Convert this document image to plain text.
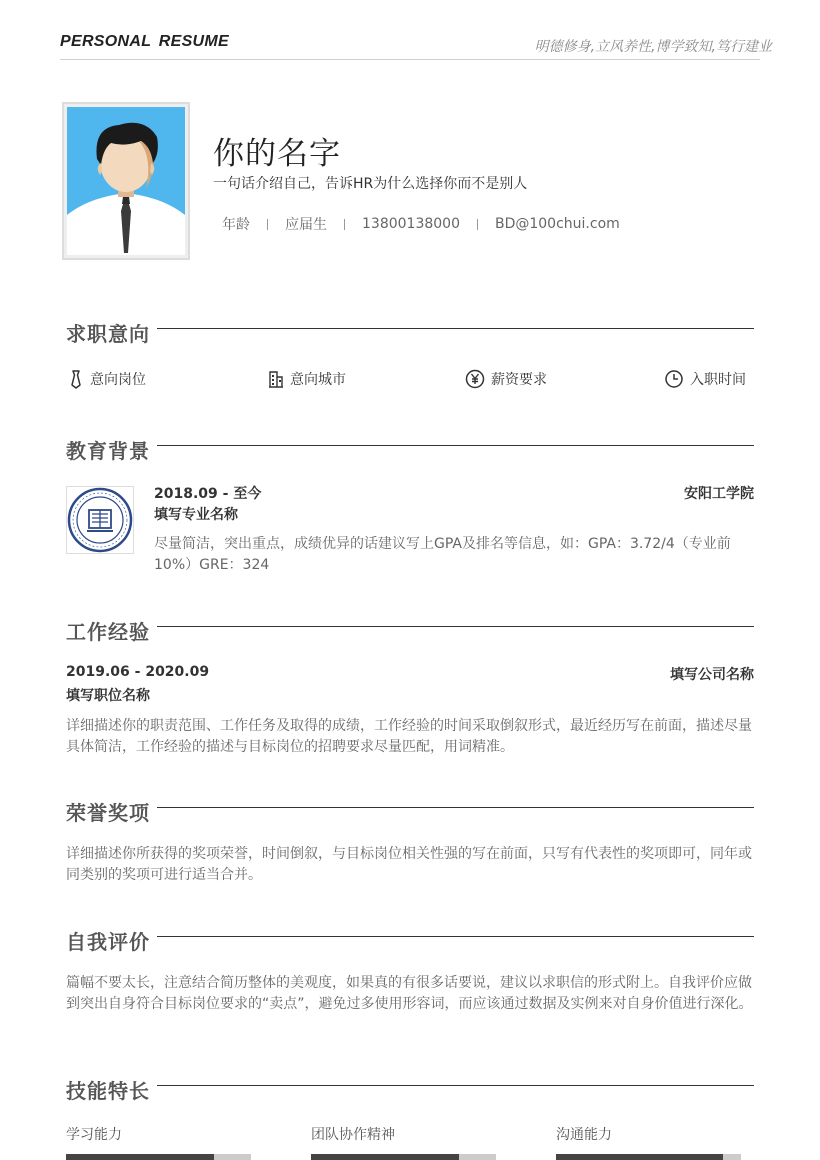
PERSONAL RESUME	明德修身,立风养性,博学致知,笃行建业
你的名字
一句话介绍自己，告诉HR为什么选择你而不是别人
年龄	应届生	13800138000	BD@100chui.com
求职意向
意向岗位	意向城市	薪资要求	入职时间
教育背景
2018.09 - 至今	安阳工学院
填写专业名称
尽量简洁，突出重点，成绩优异的话建议写上GPA及排名等信息，如：GPA：3.72/4（专业前10%）GRE：324
工作经验
2019.06 - 2020.09	填写公司名称
填写职位名称
详细描述你的职责范围、工作任务及取得的成绩，工作经验的时间采取倒叙形式，最近经历写在前面，描述尽量具体简洁，工作经验的描述与目标岗位的招聘要求尽量匹配，用词精准。
荣誉奖项
详细描述你所获得的奖项荣誉，时间倒叙，与目标岗位相关性强的写在前面，只写有代表性的奖项即可，同年或同类别的奖项可进行适当合并。
自我评价
篇幅不要太长，注意结合简历整体的美观度，如果真的有很多话要说，建议以求职信的形式附上。自我评价应做到突出自身符合目标岗位要求的“卖点”，避免过多使用形容词，而应该通过数据及实例来对自身价值进行深化。
技能特长
学习能力	团队协作精神	沟通能力
